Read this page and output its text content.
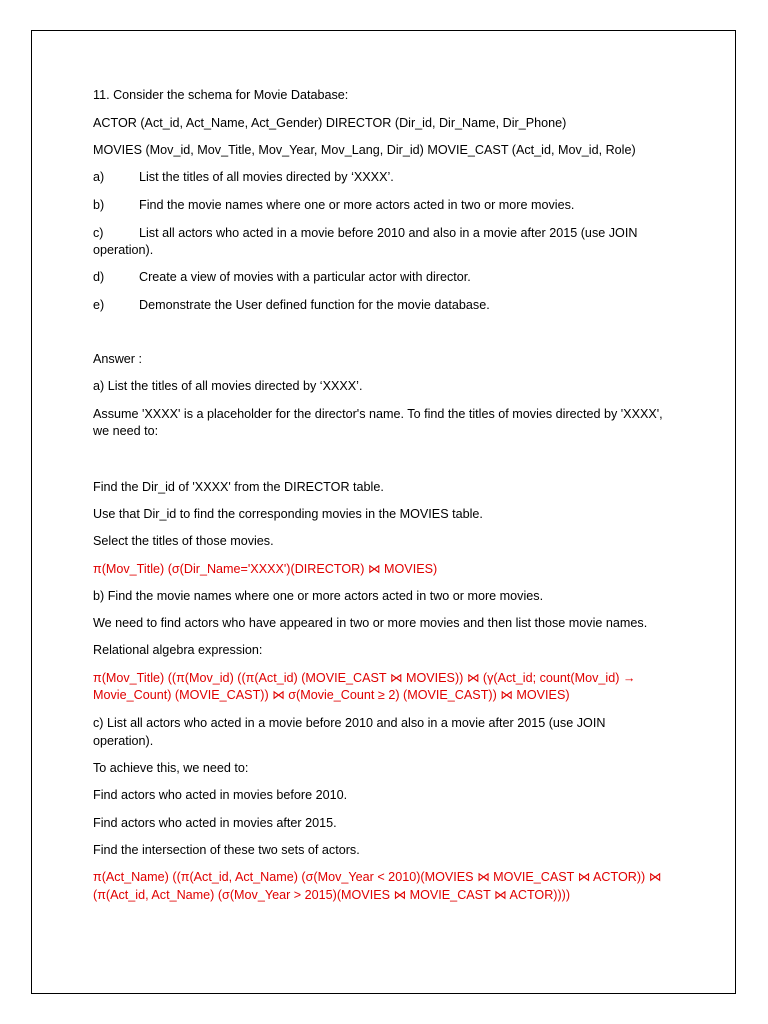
11. Consider the schema for Movie Database:
ACTOR (Act_id, Act_Name, Act_Gender) DIRECTOR (Dir_id, Dir_Name, Dir_Phone)
MOVIES (Mov_id, Mov_Title, Mov_Year, Mov_Lang, Dir_id) MOVIE_CAST (Act_id, Mov_id, Role)
a)	List the titles of all movies directed by ‘XXXX’.
b)	Find the movie names where one or more actors acted in two or more movies.
c)	List all actors who acted in a movie before 2010 and also in a movie after 2015 (use JOIN
operation).
d)	Create a view of movies with a particular actor with director.
e)	Demonstrate the User defined function for the movie database.
Answer :
a) List the titles of all movies directed by ‘XXXX’.
Assume 'XXXX' is a placeholder for the director's name. To find the titles of movies directed by 'XXXX', we need to:
Find the Dir_id of 'XXXX' from the DIRECTOR table.
Use that Dir_id to find the corresponding movies in the MOVIES table.
Select the titles of those movies.
π(Mov_Title) (σ(Dir_Name='XXXX')(DIRECTOR) ⋈ MOVIES)
b) Find the movie names where one or more actors acted in two or more movies.
We need to find actors who have appeared in two or more movies and then list those movie names.
Relational algebra expression:
π(Mov_Title) ((π(Mov_id) ((π(Act_id) (MOVIE_CAST ⋈ MOVIES)) ⋈ (γ(Act_id; count(Mov_id) →
Movie_Count) (MOVIE_CAST)) ⋈ σ(Movie_Count ≥ 2) (MOVIE_CAST)) ⋈ MOVIES)
c) List all actors who acted in a movie before 2010 and also in a movie after 2015 (use JOIN
operation).
To achieve this, we need to:
Find actors who acted in movies before 2010.
Find actors who acted in movies after 2015.
Find the intersection of these two sets of actors.
π(Act_Name) ((π(Act_id, Act_Name) (σ(Mov_Year < 2010)(MOVIES ⋈ MOVIE_CAST ⋈ ACTOR)) ⋈
(π(Act_id, Act_Name) (σ(Mov_Year > 2015)(MOVIES ⋈ MOVIE_CAST ⋈ ACTOR))))
